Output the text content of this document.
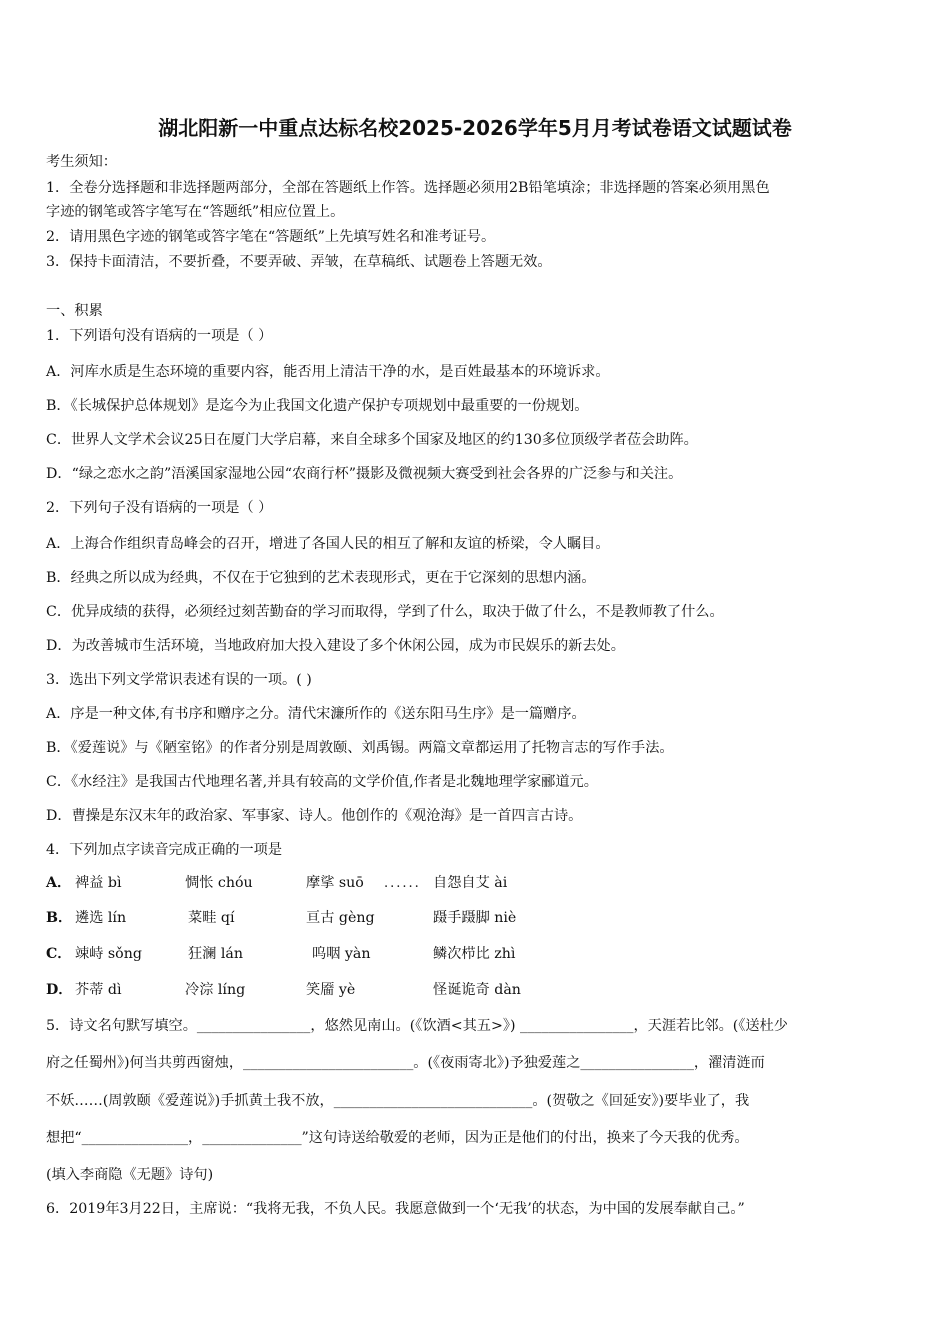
湖北阳新一中重点达标名校2025-2026学年5月月考试卷语文试题试卷
考生须知：
1．全卷分选择题和非选择题两部分，全部在答题纸上作答。选择题必须用2B铅笔填涂；非选择题的答案必须用黑色
字迹的钢笔或答字笔写在“答题纸”相应位置上。
2．请用黑色字迹的钢笔或答字笔在“答题纸”上先填写姓名和准考证号。
3．保持卡面清洁，不要折叠，不要弄破、弄皱，在草稿纸、试题卷上答题无效。
一、积累
1．下列语句没有语病的一项是（ ）
A．河库水质是生态环境的重要内容，能否用上清洁干净的水，是百姓最基本的环境诉求。
B．《长城保护总体规划》是迄今为止我国文化遗产保护专项规划中最重要的一份规划。
C．世界人文学术会议25日在厦门大学启幕，来自全球多个国家及地区的约130多位顶级学者莅会助阵。
D．“绿之恋水之韵”浯溪国家湿地公园“农商行杯”摄影及微视频大赛受到社会各界的广泛参与和关注。
2．下列句子没有语病的一项是（ ）
A．上海合作组织青岛峰会的召开，增进了各国人民的相互了解和友谊的桥梁，令人瞩目。
B．经典之所以成为经典，不仅在于它独到的艺术表现形式，更在于它深刻的思想内涵。
C．优异成绩的获得，必须经过刻苦勤奋的学习而取得，学到了什么，取决于做了什么，不是教师教了什么。
D．为改善城市生活环境，当地政府加大投入建设了多个休闲公园，成为市民娱乐的新去处。
3．选出下列文学常识表述有误的一项。( )
A．序是一种文体,有书序和赠序之分。清代宋濂所作的《送东阳马生序》是一篇赠序。
B．《爱莲说》与《陋室铭》的作者分别是周敦颐、刘禹锡。两篇文章都运用了托物言志的写作手法。
C．《水经注》是我国古代地理名著,并具有较高的文学价值,作者是北魏地理学家郦道元。
D．曹操是东汉末年的政治家、军事家、诗人。他创作的《观沧海》是一首四言古诗。
4．下列加点字读音完成正确的一项是
A． 裨益 bì	惆怅 chóu	摩挲 suō ...... 自怨自艾 ài
B． 遴选 lín	菜畦 qí	亘古 gèng	蹑手蹑脚 niè
C． 竦峙 sǒng	狂澜 lán	呜咽 yàn	鳞次栉比 zhì
D． 芥蒂 dì	冷淙 líng	笑靥 yè	怪诞诡奇 dàn
5．诗文名句默写填空。________________，悠然见南山。(《饮酒<其五>》) ________________，天涯若比邻。(《送杜少
府之任蜀州》)何当共剪西窗烛，________________________。(《夜雨寄北》)予独爱莲之________________，濯清涟而
不妖……(周敦颐《爱莲说》)手抓黄土我不放，____________________________。(贺敬之《回延安》)要毕业了，我
想把“_______________，______________”这句诗送给敬爱的老师，因为正是他们的付出，换来了今天我的优秀。
(填入李商隐《无题》诗句)
6．2019年3月22日，主席说：“我将无我，不负人民。我愿意做到一个‘无我’的状态，为中国的发展奉献自己。”
